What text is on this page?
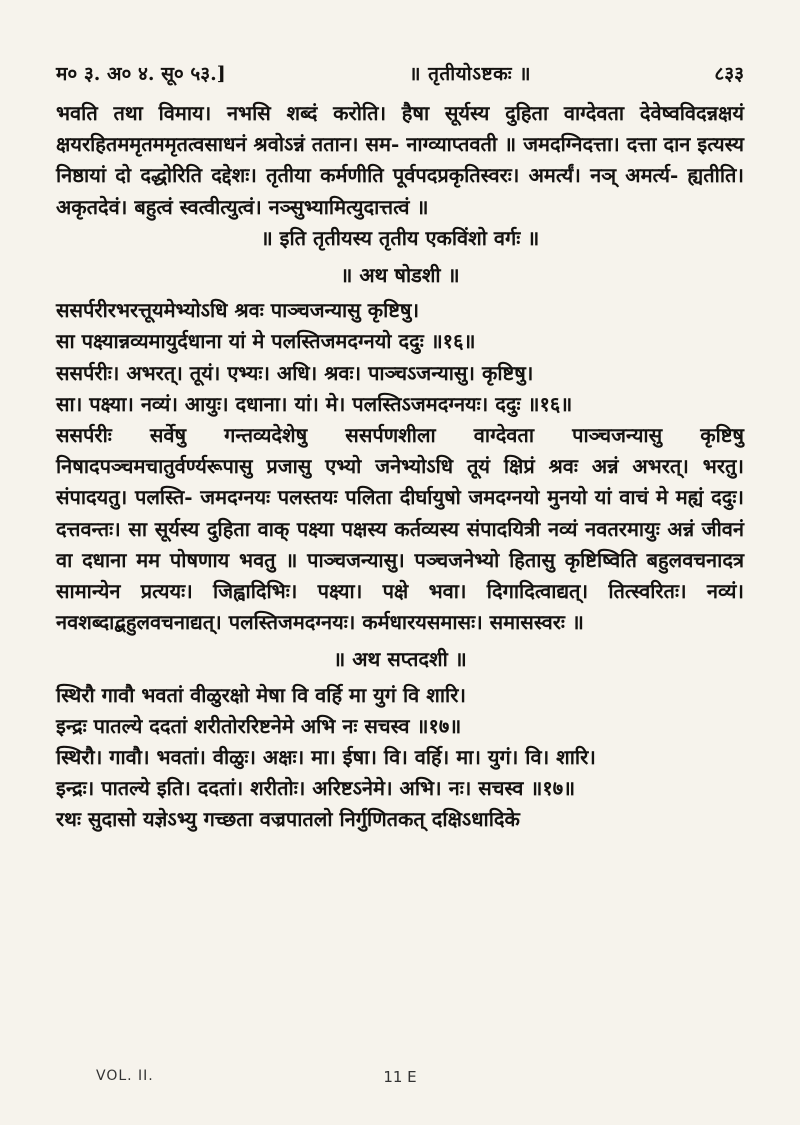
म० ३. अ० ४. सू० ५३.]	॥ तृतीयोऽष्टकः ॥	८३३

भवति तथा विमाय। नभसि शब्दं करोति। हैषा सूर्यस्य दुहिता वाग्देवता देवेष्वविदन्नक्षयं क्षयरहितममृतममृतत्वसाधनं श्रवोऽन्नं ततान। सम- नाग्व्याप्तवती ॥ जमदग्निदत्ता। दत्ता दान इत्यस्य निष्ठायां दो दद्धोरिति दद्देशः। तृतीया कर्मणीति पूर्वपदप्रकृतिस्वरः। अमर्त्यं। नञ् अमर्त्य- ह्यतीति। अकृतदेवं। बहुत्वं स्वत्वीत्युत्वं। नञ्सुभ्यामित्युदात्तत्वं ॥

॥ इति तृतीयस्य तृतीय एकविंशो वर्गः ॥

॥ अथ षोडशी ॥

ससर्परीरभरत्तूयमेभ्योऽधि श्रवः पाञ्चजन्यासु कृष्टिषु।

सा पक्ष्यान्नव्यमायुर्दधाना यां मे पलस्तिजमदग्नयो ददुः ॥१६॥

ससर्परीः। अभरत्। तूयं। एभ्यः। अधि। श्रवः। पाञ्चऽजन्यासु। कृष्टिषु।

सा। पक्ष्या। नव्यं। आयुः। दधाना। यां। मे। पलस्तिऽजमदग्नयः। ददुः ॥१६॥

ससर्परीः सर्वेषु गन्तव्यदेशेषु ससर्पणशीला वाग्देवता पाञ्चजन्यासु कृष्टिषु निषादपञ्चमचातुर्वर्ण्यरूपासु प्रजासु एभ्यो जनेभ्योऽधि तूयं क्षिप्रं श्रवः अन्नं अभरत्। भरतु। संपादयतु। पलस्ति- जमदग्नयः पलस्तयः पलिता दीर्घायुषो जमदग्नयो मुनयो यां वाचं मे मह्यं ददुः। दत्तवन्तः। सा सूर्यस्य दुहिता वाक् पक्ष्या पक्षस्य कर्तव्यस्य संपादयित्री नव्यं नवतरमायुः अन्नं जीवनं वा दधाना मम पोषणाय भवतु ॥ पाञ्चजन्यासु। पञ्चजनेभ्यो हितासु कृष्टिष्विति बहुलवचनादत्र सामान्येन प्रत्ययः। जिह्वादिभिः। पक्ष्या। पक्षे भवा। दिगादित्वाद्यत्। तित्स्वरितः। नव्यं। नवशब्दाद्बहुलवचनाद्यत्। पलस्तिजमदग्नयः। कर्मधारयसमासः। समासस्वरः ॥

॥ अथ सप्तदशी ॥

स्थिरौ गावौ भवतां वीळुरक्षो मेषा वि वर्हि मा युगं वि शारि।

इन्द्रः पातल्ये ददतां शरीतोररिष्टनेमे अभि नः सचस्व ॥१७॥

स्थिरौ। गावौ। भवतां। वीळुः। अक्षः। मा। ईषा। वि। वर्हि। मा। युगं। वि। शारि।

इन्द्रः। पातल्ये इति। ददतां। शरीतोः। अरिष्टऽनेमे। अभि। नः। सचस्व ॥१७॥

रथः सुदासो यज्ञेऽभ्यु गच्छता वज्रपातलो निर्गुणितकत् दक्षिऽधादिके

VOL. II.	11 E
